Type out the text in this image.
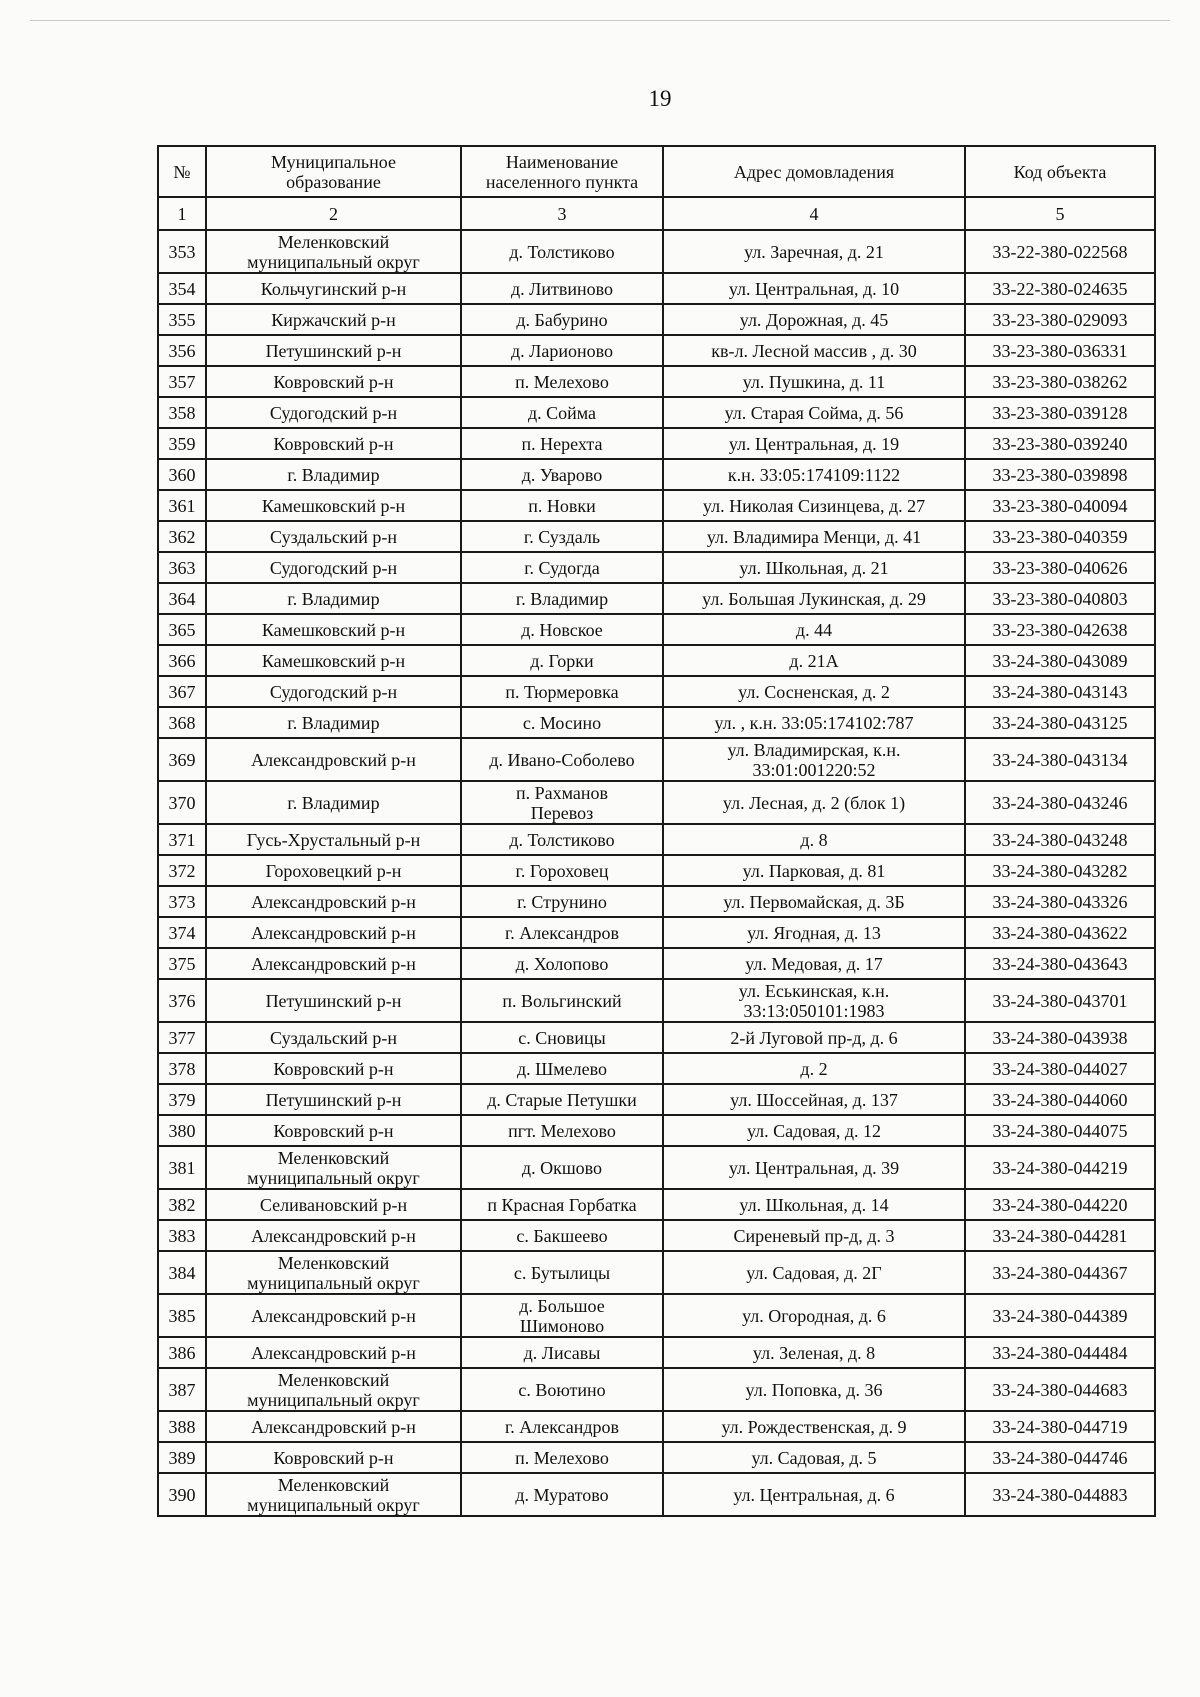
19
№	Муниципальное
образование	Наименование
населенного пункта	Адрес домовладения	Код объекта
1	2	3	4	5
353	Меленковский
муниципальный округ	д. Толстиково	ул. Заречная, д. 21	33-22-380-022568
354	Кольчугинский р-н	д. Литвиново	ул. Центральная, д. 10	33-22-380-024635
355	Киржачский р-н	д. Бабурино	ул. Дорожная, д. 45	33-23-380-029093
356	Петушинский р-н	д. Ларионово	кв-л. Лесной массив , д. 30	33-23-380-036331
357	Ковровский р-н	п. Мелехово	ул. Пушкина, д. 11	33-23-380-038262
358	Судогодский р-н	д. Сойма	ул. Старая Сойма, д. 56	33-23-380-039128
359	Ковровский р-н	п. Нерехта	ул. Центральная, д. 19	33-23-380-039240
360	г. Владимир	д. Уварово	к.н. 33:05:174109:1122	33-23-380-039898
361	Камешковский р-н	п. Новки	ул. Николая Сизинцева, д. 27	33-23-380-040094
362	Суздальский р-н	г. Суздаль	ул. Владимира Менци, д. 41	33-23-380-040359
363	Судогодский р-н	г. Судогда	ул. Школьная, д. 21	33-23-380-040626
364	г. Владимир	г. Владимир	ул. Большая Лукинская, д. 29	33-23-380-040803
365	Камешковский р-н	д. Новское	д. 44	33-23-380-042638
366	Камешковский р-н	д. Горки	д. 21А	33-24-380-043089
367	Судогодский р-н	п. Тюрмеровка	ул. Сосненская, д. 2	33-24-380-043143
368	г. Владимир	с. Мосино	ул. , к.н. 33:05:174102:787	33-24-380-043125
369	Александровский р-н	д. Ивано-Соболево	ул. Владимирская, к.н.
33:01:001220:52	33-24-380-043134
370	г. Владимир	п. Рахманов
Перевоз	ул. Лесная, д. 2 (блок 1)	33-24-380-043246
371	Гусь-Хрустальный р-н	д. Толстиково	д. 8	33-24-380-043248
372	Гороховецкий р-н	г. Гороховец	ул. Парковая, д. 81	33-24-380-043282
373	Александровский р-н	г. Струнино	ул. Первомайская, д. 3Б	33-24-380-043326
374	Александровский р-н	г. Александров	ул. Ягодная, д. 13	33-24-380-043622
375	Александровский р-н	д. Холопово	ул. Медовая, д. 17	33-24-380-043643
376	Петушинский р-н	п. Вольгинский	ул. Еськинская, к.н.
33:13:050101:1983	33-24-380-043701
377	Суздальский р-н	с. Сновицы	2-й Луговой пр-д, д. 6	33-24-380-043938
378	Ковровский р-н	д. Шмелево	д. 2	33-24-380-044027
379	Петушинский р-н	д. Старые Петушки	ул. Шоссейная, д. 137	33-24-380-044060
380	Ковровский р-н	пгт. Мелехово	ул. Садовая, д. 12	33-24-380-044075
381	Меленковский
муниципальный округ	д. Окшово	ул. Центральная, д. 39	33-24-380-044219
382	Селивановский р-н	п Красная Горбатка	ул. Школьная, д. 14	33-24-380-044220
383	Александровский р-н	с. Бакшеево	Сиреневый пр-д, д. 3	33-24-380-044281
384	Меленковский
муниципальный округ	с. Бутылицы	ул. Садовая, д. 2Г	33-24-380-044367
385	Александровский р-н	д. Большое
Шимоново	ул. Огородная, д. 6	33-24-380-044389
386	Александровский р-н	д. Лисавы	ул. Зеленая, д. 8	33-24-380-044484
387	Меленковский
муниципальный округ	с. Воютино	ул. Поповка, д. 36	33-24-380-044683
388	Александровский р-н	г. Александров	ул. Рождественская, д. 9	33-24-380-044719
389	Ковровский р-н	п. Мелехово	ул. Садовая, д. 5	33-24-380-044746
390	Меленковский
муниципальный округ	д. Муратово	ул. Центральная, д. 6	33-24-380-044883
